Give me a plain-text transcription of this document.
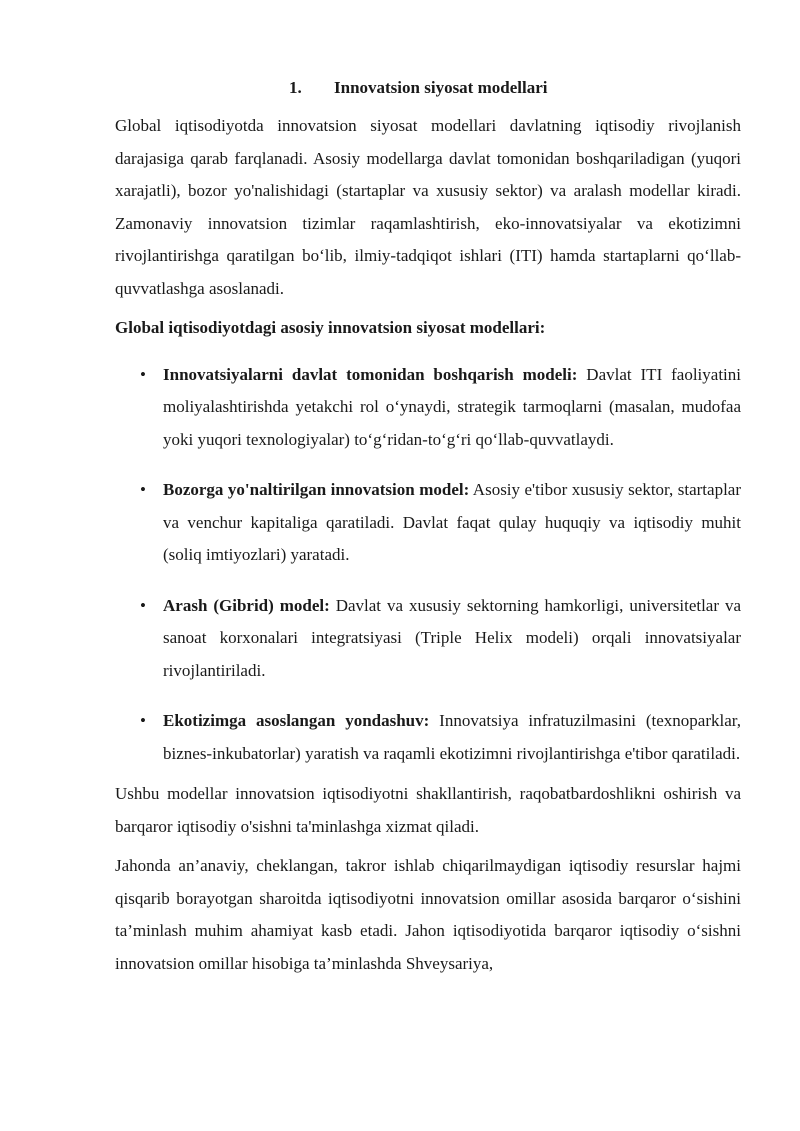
1. Innovatsion siyosat modellari

Global iqtisodiyotda innovatsion siyosat modellari davlatning iqtisodiy rivojlanish darajasiga qarab farqlanadi. Asosiy modellarga davlat tomonidan boshqariladigan (yuqori xarajatli), bozor yo'nalishidagi (startaplar va xususiy sektor) va aralash modellar kiradi. Zamonaviy innovatsion tizimlar raqamlashtirish, eko-innovatsiyalar va ekotizimni rivojlantirishga qaratilgan boʻlib, ilmiy-tadqiqot ishlari (ITI) hamda startaplarni qoʻllab-quvvatlashga asoslanadi.

Global iqtisodiyotdagi asosiy innovatsion siyosat modellari:

• Innovatsiyalarni davlat tomonidan boshqarish modeli: Davlat ITI faoliyatini moliyalashtirishda yetakchi rol oʻynaydi, strategik tarmoqlarni (masalan, mudofaa yoki yuqori texnologiyalar) toʻgʻridan-toʻgʻri qoʻllab-quvvatlaydi.
• Bozorga yo'naltirilgan innovatsion model: Asosiy e'tibor xususiy sektor, startaplar va venchur kapitaliga qaratiladi. Davlat faqat qulay huquqiy va iqtisodiy muhit (soliq imtiyozlari) yaratadi.
• Arash (Gibrid) model: Davlat va xususiy sektorning hamkorligi, universitetlar va sanoat korxonalari integratsiyasi (Triple Helix modeli) orqali innovatsiyalar rivojlantiriladi.
• Ekotizimga asoslangan yondashuv: Innovatsiya infratuzilmasini (texnoparklar, biznes-inkubatorlar) yaratish va raqamli ekotizimni rivojlantirishga e'tibor qaratiladi.

Ushbu modellar innovatsion iqtisodiyotni shakllantirish, raqobatbardoshlikni oshirish va barqaror iqtisodiy o'sishni ta'minlashga xizmat qiladi.

Jahonda an’anaviy, cheklangan, takror ishlab chiqarilmaydigan iqtisodiy resurslar hajmi qisqarib borayotgan sharoitda iqtisodiyotni innovatsion omillar asosida barqaror oʻsishini ta’minlash muhim ahamiyat kasb etadi. Jahon iqtisodiyotida barqaror iqtisodiy oʻsishni innovatsion omillar hisobiga ta’minlashda Shveysariya,
